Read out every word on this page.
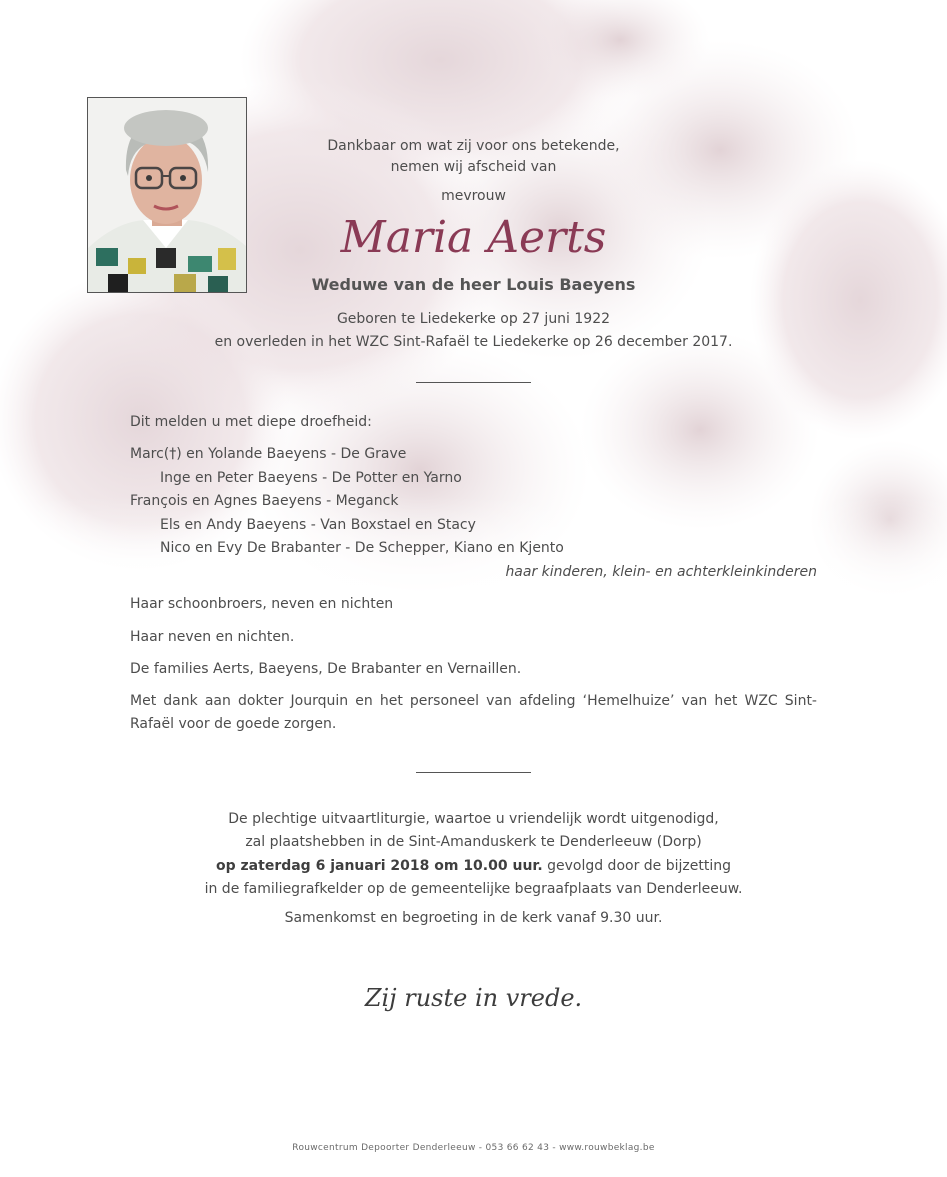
Dankbaar om wat zij voor ons betekende,
nemen wij afscheid van
mevrouw
Maria Aerts
Weduwe van de heer Louis Baeyens
Geboren te Liedekerke op 27 juni 1922
en overleden in het WZC Sint-Rafaël te Liedekerke op 26 december 2017.
Dit melden u met diepe droefheid:
Marc(†) en Yolande Baeyens - De Grave
Inge en Peter Baeyens - De Potter en Yarno
François en Agnes Baeyens - Meganck
Els en Andy Baeyens - Van Boxstael en Stacy
Nico en Evy De Brabanter - De Schepper, Kiano en Kjento
haar kinderen, klein- en achterkleinkinderen
Haar schoonbroers, neven en nichten
Haar neven en nichten.
De families Aerts, Baeyens, De Brabanter en Vernaillen.
Met dank aan dokter Jourquin en het personeel van afdeling ‘Hemelhuize’ van het WZC Sint-Rafaël voor de goede zorgen.
De plechtige uitvaartliturgie, waartoe u vriendelijk wordt uitgenodigd,
zal plaatshebben in de Sint-Amanduskerk te Denderleeuw (Dorp)
op zaterdag 6 januari 2018 om 10.00 uur. gevolgd door de bijzetting
in de familiegrafkelder op de gemeentelijke begraafplaats van Denderleeuw.
Samenkomst en begroeting in de kerk vanaf 9.30 uur.
Zij ruste in vrede.
Rouwcentrum Depoorter Denderleeuw - 053 66 62 43 - www.rouwbeklag.be
